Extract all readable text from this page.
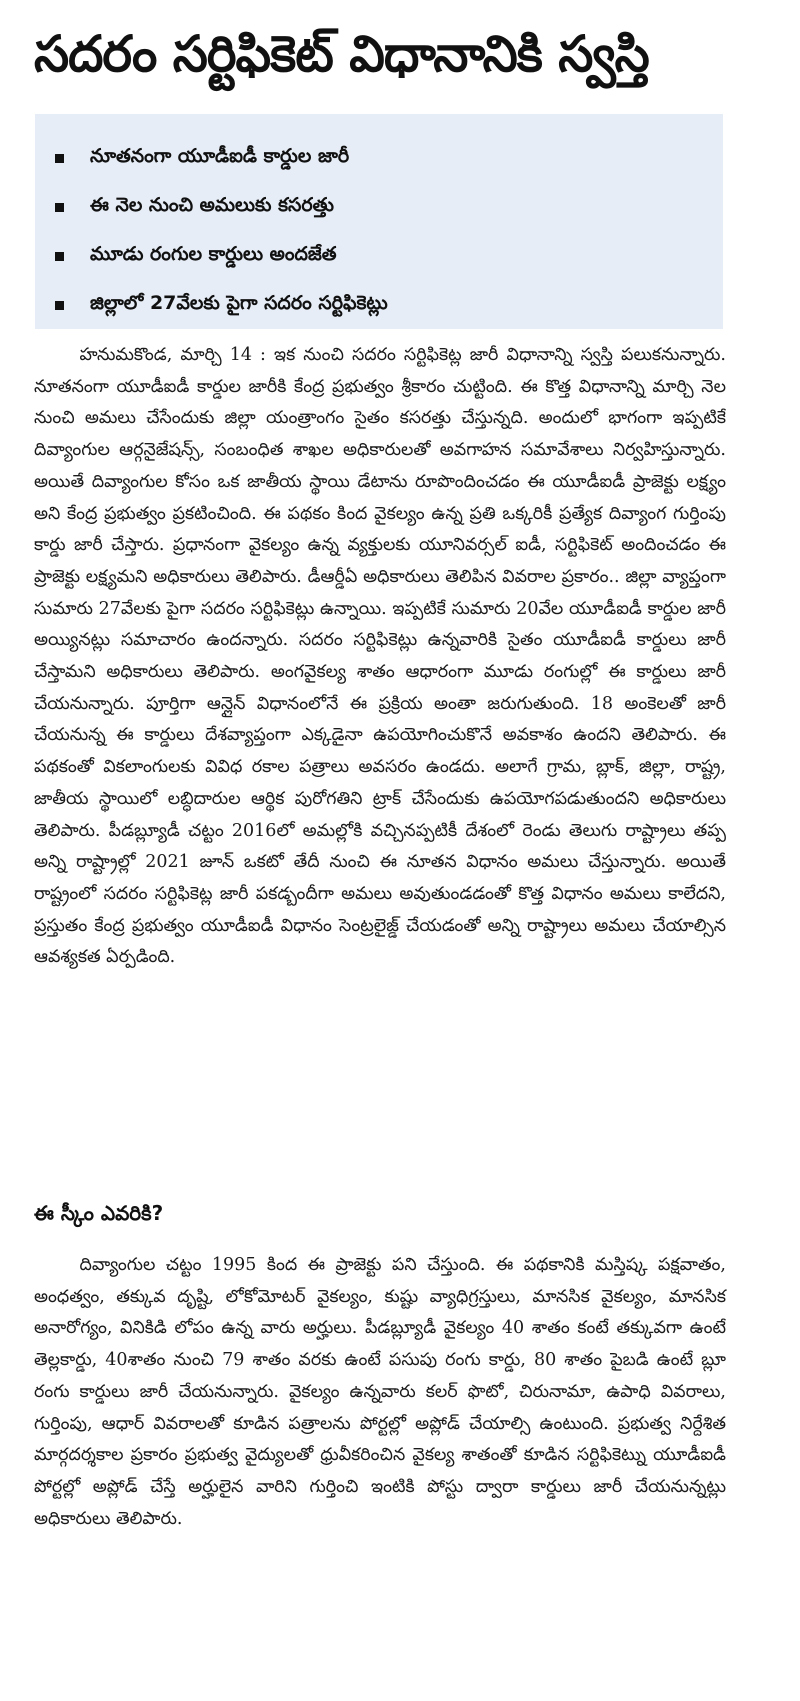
సదరం సర్టిఫికెట్ విధానానికి స్వస్తి
నూతనంగా యూడీఐడీ కార్డుల జారీ
ఈ నెల నుంచి అమలుకు కసరత్తు
మూడు రంగుల కార్డులు అందజేత
జిల్లాలో 27వేలకు పైగా సదరం సర్టిఫికెట్లు

హనుమకొండ, మార్చి 14 : ఇక నుంచి సదరం సర్టిఫికెట్ల జారీ విధానాన్ని స్వస్తి పలుకనున్నారు. నూతనంగా యూడీఐడీ కార్డుల జారీకి కేంద్ర ప్రభుత్వం శ్రీకారం చుట్టింది. ఈ కొత్త విధానాన్ని మార్చి నెల నుంచి అమలు చేసేందుకు జిల్లా యంత్రాంగం సైతం కసరత్తు చేస్తున్నది. అందులో భాగంగా ఇప్పటికే దివ్యాంగుల ఆర్గనైజేషన్స్, సంబంధిత శాఖల అధికారులతో అవగాహన సమావేశాలు నిర్వహిస్తున్నారు. అయితే దివ్యాంగుల కోసం ఒక జాతీయ స్థాయి డేటాను రూపొందించడం ఈ యూడీఐడీ ప్రాజెక్టు లక్ష్యం అని కేంద్ర ప్రభుత్వం ప్రకటించింది. ఈ పథకం కింద వైకల్యం ఉన్న ప్రతి ఒక్కరికీ ప్రత్యేక దివ్యాంగ గుర్తింపు కార్డు జారీ చేస్తారు. ప్రధానంగా వైకల్యం ఉన్న వ్యక్తులకు యూనివర్సల్ ఐడీ, సర్టిఫికెట్ అందించడం ఈ ప్రాజెక్టు లక్ష్యమని అధికారులు తెలిపారు. డీఆర్డీఏ అధికారులు తెలిపిన వివరాల ప్రకారం.. జిల్లా వ్యాప్తంగా సుమారు 27వేలకు పైగా సదరం సర్టిఫికెట్లు ఉన్నాయి. ఇప్పటికే సుమారు 20వేల యూడీఐడీ కార్డుల జారీ అయ్యినట్లు సమాచారం ఉందన్నారు. సదరం సర్టిఫికెట్లు ఉన్నవారికి సైతం యూడీఐడీ కార్డులు జారీ చేస్తామని అధికారులు తెలిపారు. అంగవైకల్య శాతం ఆధారంగా మూడు రంగుల్లో ఈ కార్డులు జారీ చేయనున్నారు. పూర్తిగా ఆన్లైన్ విధానంలోనే ఈ ప్రక్రియ అంతా జరుగుతుంది. 18 అంకెలతో జారీ చేయనున్న ఈ కార్డులు దేశవ్యాప్తంగా ఎక్కడైనా ఉపయోగించుకొనే అవకాశం ఉందని తెలిపారు. ఈ పథకంతో వికలాంగులకు వివిధ రకాల పత్రాలు అవసరం ఉండదు. అలాగే గ్రామ, బ్లాక్, జిల్లా, రాష్ట్ర, జాతీయ స్థాయిలో లబ్ధిదారుల ఆర్థిక పురోగతిని ట్రాక్ చేసేందుకు ఉపయోగపడుతుందని అధికారులు తెలిపారు. పీడబ్ల్యూడీ చట్టం 2016లో అమల్లోకి వచ్చినప్పటికీ దేశంలో రెండు తెలుగు రాష్ట్రాలు తప్ప అన్ని రాష్ట్రాల్లో 2021 జూన్ ఒకటో తేదీ నుంచి ఈ నూతన విధానం అమలు చేస్తున్నారు. అయితే రాష్ట్రంలో సదరం సర్టిఫికెట్ల జారీ పకడ్బందీగా అమలు అవుతుండడంతో కొత్త విధానం అమలు కాలేదని, ప్రస్తుతం కేంద్ర ప్రభుత్వం యూడీఐడీ విధానం సెంట్రలైజ్డ్ చేయడంతో అన్ని రాష్ట్రాలు అమలు చేయాల్సిన ఆవశ్యకత ఏర్పడింది.

ఈ స్కీం ఎవరికి?

దివ్యాంగుల చట్టం 1995 కింద ఈ ప్రాజెక్టు పని చేస్తుంది. ఈ పథకానికి మస్తిష్క పక్షవాతం, అంధత్వం, తక్కువ దృష్టి, లోకోమోటర్ వైకల్యం, కుష్టు వ్యాధిగ్రస్తులు, మానసిక వైకల్యం, మానసిక అనారోగ్యం, వినికిడి లోపం ఉన్న వారు అర్హులు. పీడబ్ల్యూడీ వైకల్యం 40 శాతం కంటే తక్కువగా ఉంటే తెల్లకార్డు, 40శాతం నుంచి 79 శాతం వరకు ఉంటే పసుపు రంగు కార్డు, 80 శాతం పైబడి ఉంటే బ్లూ రంగు కార్డులు జారీ చేయనున్నారు. వైకల్యం ఉన్నవారు కలర్ ఫొటో, చిరునామా, ఉపాధి వివరాలు, గుర్తింపు, ఆధార్ వివరాలతో కూడిన పత్రాలను పోర్టల్లో అప్లోడ్ చేయాల్సి ఉంటుంది. ప్రభుత్వ నిర్దేశిత మార్గదర్శకాల ప్రకారం ప్రభుత్వ వైద్యులతో ధ్రువీకరించిన వైకల్య శాతంతో కూడిన సర్టిఫికెట్ను యూడీఐడీ పోర్టల్లో అప్లోడ్ చేస్తే అర్హులైన వారిని గుర్తించి ఇంటికి పోస్టు ద్వారా కార్డులు జారీ చేయనున్నట్లు అధికారులు తెలిపారు.
